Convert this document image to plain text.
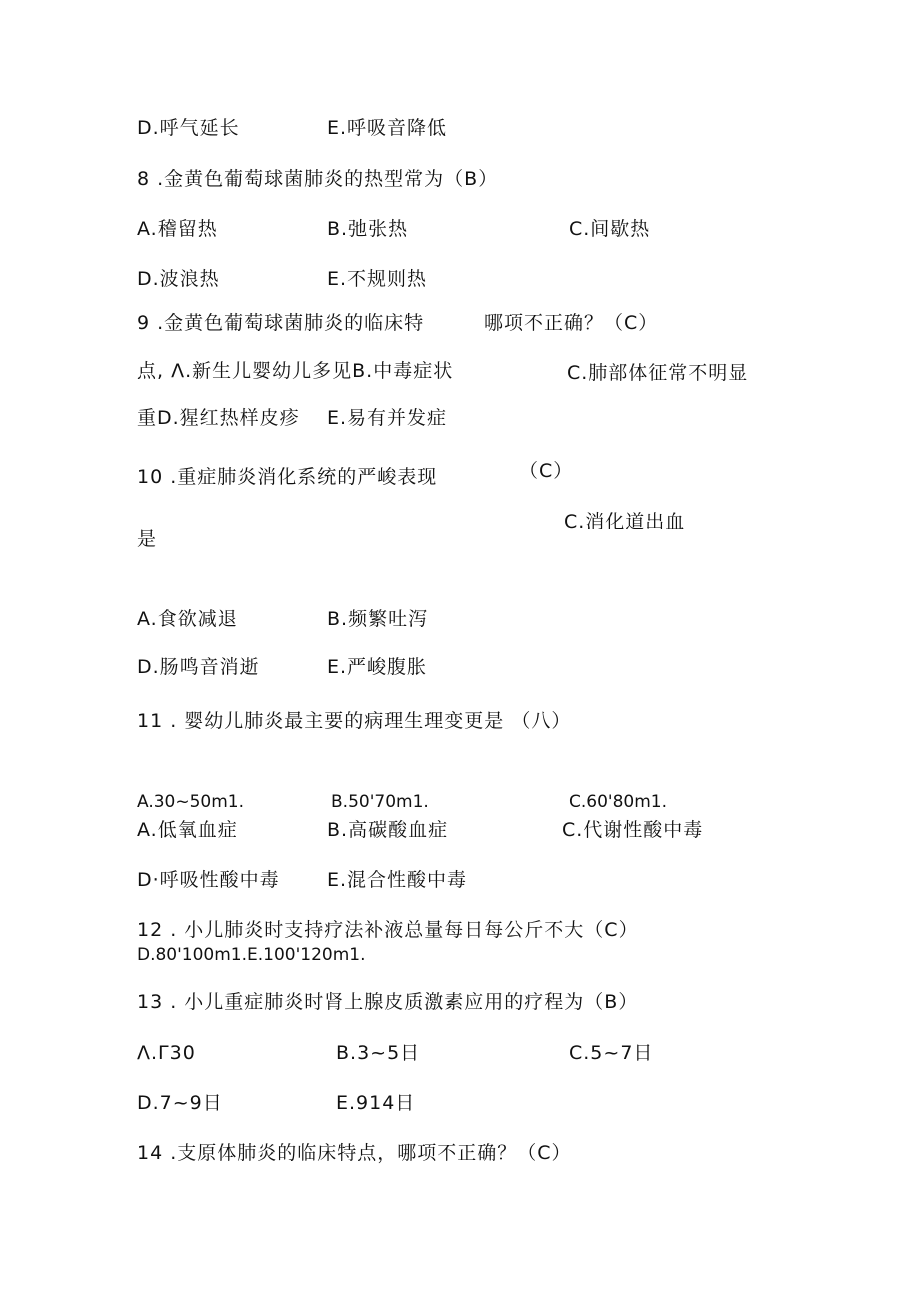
D.呼气延长	E.呼吸音降低
8 .金黄色葡萄球菌肺炎的热型常为（B）
A.稽留热	B.弛张热	C.间歇热
D.波浪热	E.不规则热
9 .金黄色葡萄球菌肺炎的临床特	哪项不正确？（C）
点, Λ.新生儿婴幼儿多见B.中毒症状	C.肺部体征常不明显
重D.猩红热样皮疹 E.易有并发症
10 .重症肺炎消化系统的严峻表现	（C）
C.消化道出血
是
A.食欲减退	B.频繁吐泻
D.肠鸣音消逝	E.严峻腹胀
11 . 婴幼儿肺炎最主要的病理生理变更是 （八）
A.30~50m1.	B.50'70m1.	C.60'80m1.
A.低氧血症	B.高碳酸血症	C.代谢性酸中毒
D·呼吸性酸中毒 E.混合性酸中毒
12 . 小儿肺炎时支持疗法补液总量每日每公斤不大（C）
D.80'100m1.E.100'120m1.
13 . 小儿重症肺炎时肾上腺皮质激素应用的疗程为（B）
Λ.Γ30	B.3~5日	C.5~7日
D.7~9日	E.914日
14 .支原体肺炎的临床特点，哪项不正确？（C）
